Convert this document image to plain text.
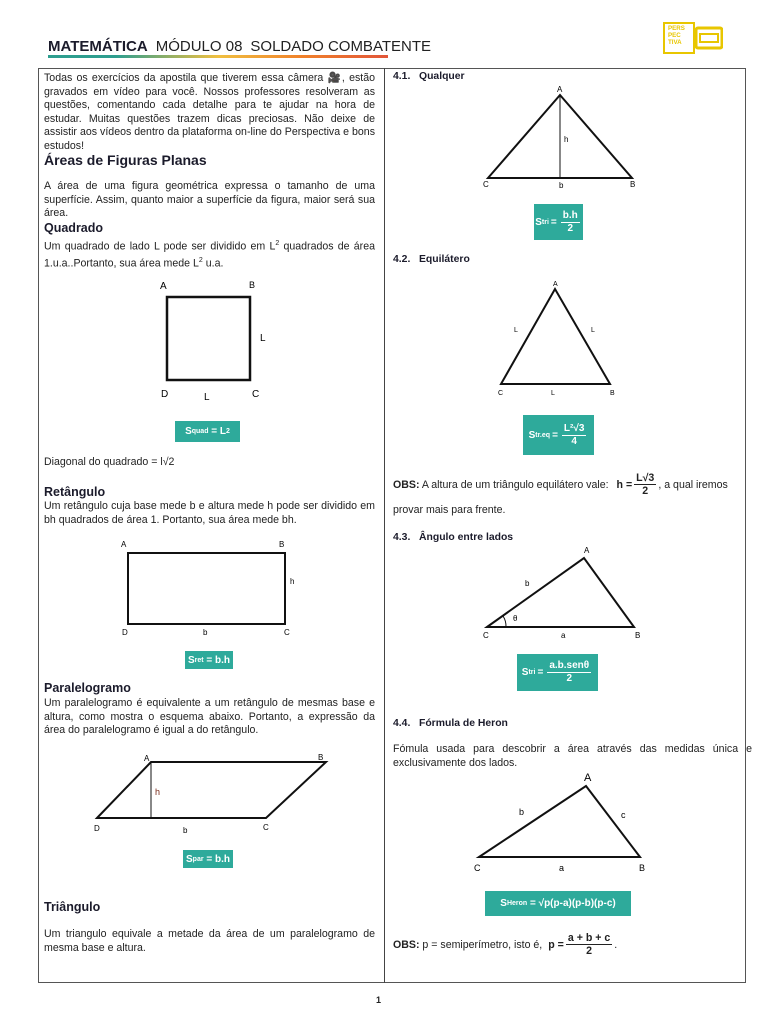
MATEMÁTICA MÓDULO 08 SOLDADO COMBATENTE
PERS
PEC
TIVA
Todas os exercícios da apostila que tiverem essa câmera 🎥, estão gravados em vídeo para você. Nossos professores resolveram as questões, comentando cada detalhe para te ajudar na hora de estudar. Muitas questões trazem dicas preciosas. Não deixe de assistir aos vídeos dentro da plataforma on-line do Perspectiva e bons estudos!
Áreas de Figuras Planas
A área de uma figura geométrica expressa o tamanho de uma superfície. Assim, quanto maior a superfície da figura, maior será sua área.
Quadrado
Um quadrado de lado L pode ser dividido em $L^2$ quadrados de área 1.u.a..Portanto, sua área mede $L^2$ u.a.
A	B
L
D	C
L
S quad = L 2
Diagonal do quadrado = l√2
Retângulo
Um retângulo cuja base mede b e altura mede h pode ser dividido em bh quadrados de área 1. Portanto, sua área mede bh.
A	B
h
D	C
b
S ret = b.h
Paralelogramo
Um paralelogramo é equivalente a um retângulo de mesmas base e altura, como mostra o esquema abaixo. Portanto, a expressão da área do paralelogramo é igual a do retângulo.
A	B
h
D	C
b
S par = b.h
Triângulo
Um triangulo equivale a metade da área de um paralelogramo de mesma base e altura.
4.1.   Qualquer
A
h
C	B
b
S tri = $\frac{b.h}{2}$
4.2.   Equilátero
A
L	L
C	L	B
S $tr.eq = \frac{\text{L²√3}}{4}$
OBS: A altura de um triângulo equilátero vale: $h = \frac{L√3}{2}$ , a qual iremos
provar mais para frente.
4.3.   Ângulo entre lados
A
b
θ
C	a	B
S tri = $\frac{\text{a.b.senθ}}{2}$
4.4.   Fórmula de Heron
Fómula usada para descobrir a área através das medidas única e exclusivamente dos lados.
A
b	c
C	a	B
S Heron = √p(p-a)(p-b)(p-c)
OBS: p = semiperímetro, isto é, $p = \frac{a + b + c}{2}$ .
1
